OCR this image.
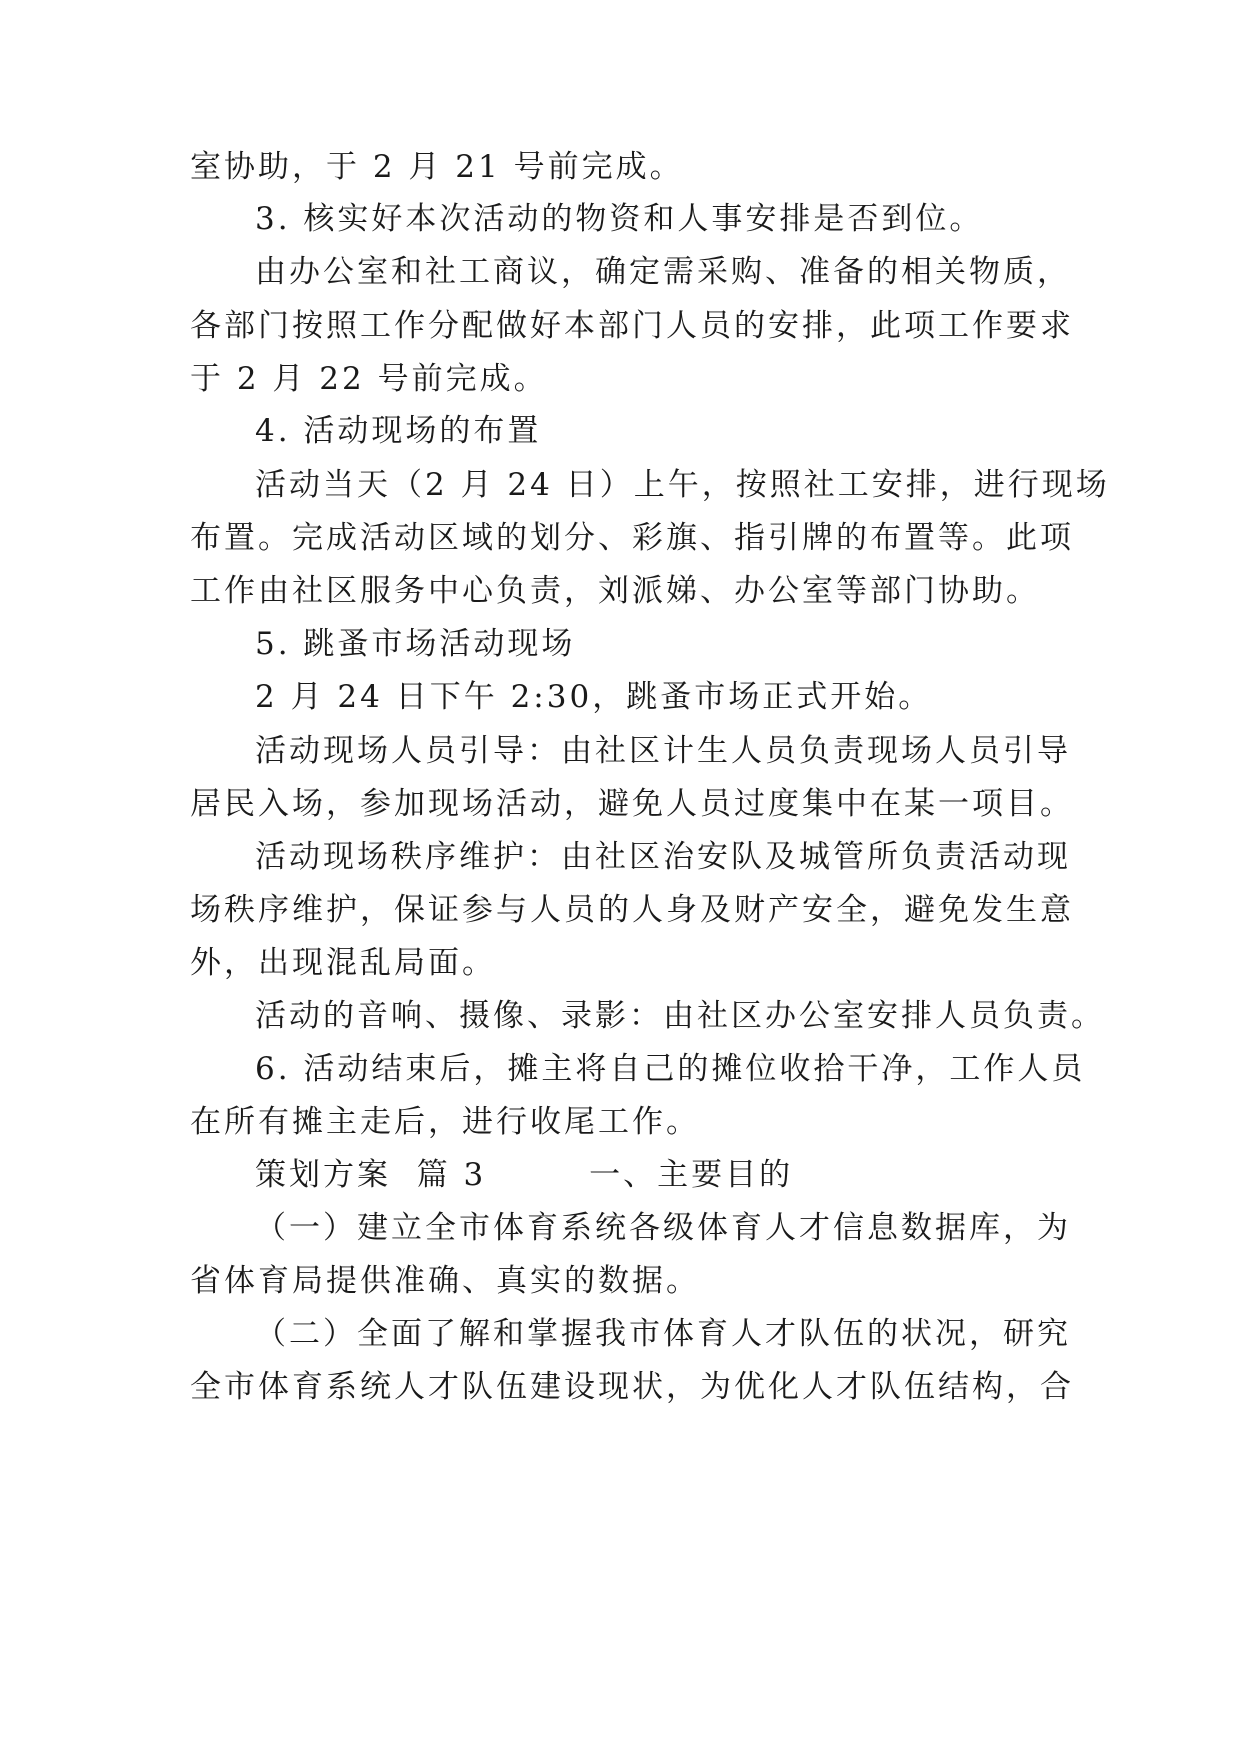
室协助，于 2 月 21 号前完成。
3. 核实好本次活动的物资和人事安排是否到位。
由办公室和社工商议，确定需采购、准备的相关物质，
各部门按照工作分配做好本部门人员的安排，此项工作要求
于 2 月 22 号前完成。
4. 活动现场的布置
活动当天（2 月 24 日）上午，按照社工安排，进行现场
布置。完成活动区域的划分、彩旗、指引牌的布置等。此项
工作由社区服务中心负责，刘派娣、办公室等部门协助。
5. 跳蚤市场活动现场
2 月 24 日下午 2:30，跳蚤市场正式开始。
活动现场人员引导：由社区计生人员负责现场人员引导
居民入场，参加现场活动，避免人员过度集中在某一项目。
活动现场秩序维护：由社区治安队及城管所负责活动现
场秩序维护，保证参与人员的人身及财产安全，避免发生意
外，出现混乱局面。
活动的音响、摄像、录影：由社区办公室安排人员负责。
6. 活动结束后，摊主将自己的摊位收拾干净，工作人员
在所有摊主走后，进行收尾工作。
策划方案  篇 3        一、主要目的
（一）建立全市体育系统各级体育人才信息数据库，为
省体育局提供准确、真实的数据。
（二）全面了解和掌握我市体育人才队伍的状况，研究
全市体育系统人才队伍建设现状，为优化人才队伍结构，合
